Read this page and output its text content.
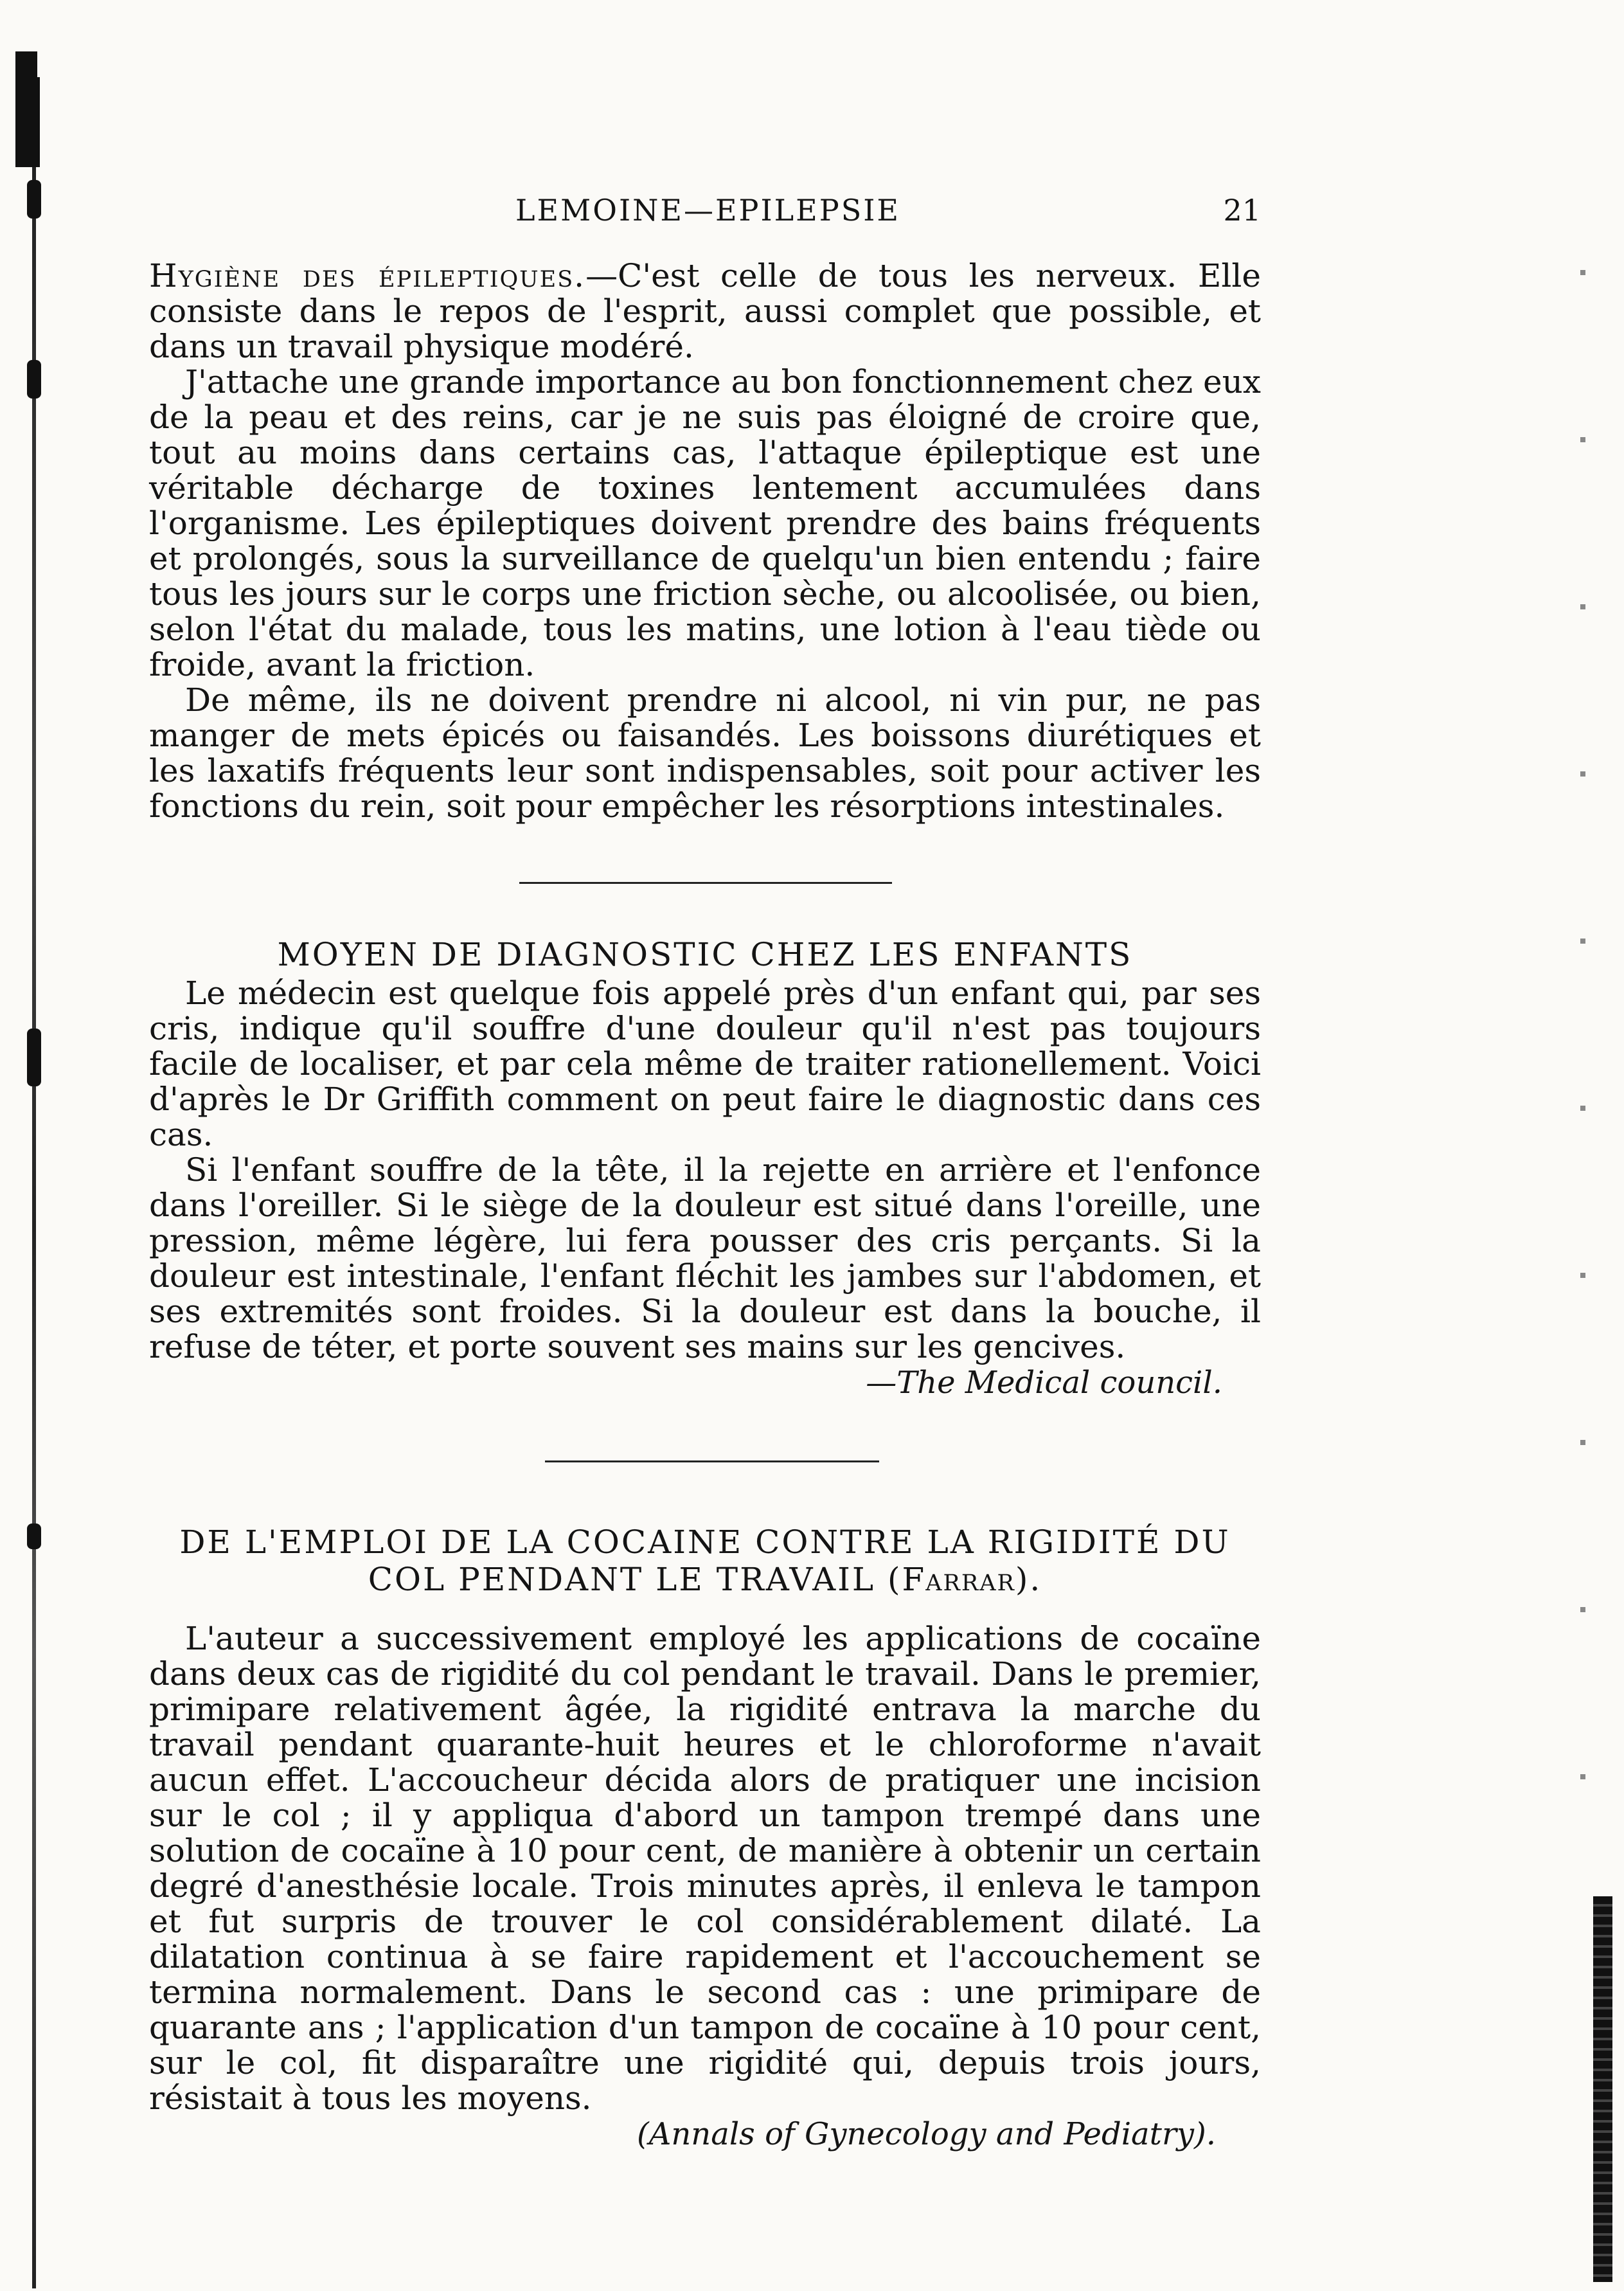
LEMOINE—EPILEPSIE	21

Hygiène des épileptiques.—C'est celle de tous les nerveux. Elle consiste dans le repos de l'esprit, aussi complet que possible, et dans un travail physique modéré.

J'attache une grande importance au bon fonctionnement chez eux de la peau et des reins, car je ne suis pas éloigné de croire que, tout au moins dans certains cas, l'attaque épileptique est une véritable décharge de toxines lentement accumulées dans l'organisme. Les épileptiques doivent prendre des bains fréquents et prolongés, sous la surveillance de quelqu'un bien entendu ; faire tous les jours sur le corps une friction sèche, ou alcoolisée, ou bien, selon l'état du malade, tous les matins, une lotion à l'eau tiède ou froide, avant la friction.

De même, ils ne doivent prendre ni alcool, ni vin pur, ne pas manger de mets épicés ou faisandés. Les boissons diurétiques et les laxatifs fréquents leur sont indispensables, soit pour activer les fonctions du rein, soit pour empêcher les résorptions intestinales.

MOYEN DE DIAGNOSTIC CHEZ LES ENFANTS

Le médecin est quelque fois appelé près d'un enfant qui, par ses cris, indique qu'il souffre d'une douleur qu'il n'est pas toujours facile de localiser, et par cela même de traiter rationellement. Voici d'après le Dr Griffith comment on peut faire le diagnostic dans ces cas.

Si l'enfant souffre de la tête, il la rejette en arrière et l'enfonce dans l'oreiller. Si le siège de la douleur est situé dans l'oreille, une pression, même légère, lui fera pousser des cris perçants. Si la douleur est intestinale, l'enfant fléchit les jambes sur l'abdomen, et ses extremités sont froides. Si la douleur est dans la bouche, il refuse de téter, et porte souvent ses mains sur les gencives.

—The Medical council.

DE L'EMPLOI DE LA COCAINE CONTRE LA RIGIDITÉ DU

COL PENDANT LE TRAVAIL (Farrar).

L'auteur a successivement employé les applications de cocaïne dans deux cas de rigidité du col pendant le travail. Dans le premier, primipare relativement âgée, la rigidité entrava la marche du travail pendant quarante-huit heures et le chloroforme n'avait aucun effet. L'accoucheur décida alors de pratiquer une incision sur le col ; il y appliqua d'abord un tampon trempé dans une solution de cocaïne à 10 pour cent, de manière à obtenir un certain degré d'anesthésie locale. Trois minutes après, il enleva le tampon et fut surpris de trouver le col considérablement dilaté. La dilatation continua à se faire rapidement et l'accouchement se termina normalement. Dans le second cas : une primipare de quarante ans ; l'application d'un tampon de cocaïne à 10 pour cent, sur le col, fit disparaître une rigidité qui, depuis trois jours, résistait à tous les moyens.

(Annals of Gynecology and Pediatry).
